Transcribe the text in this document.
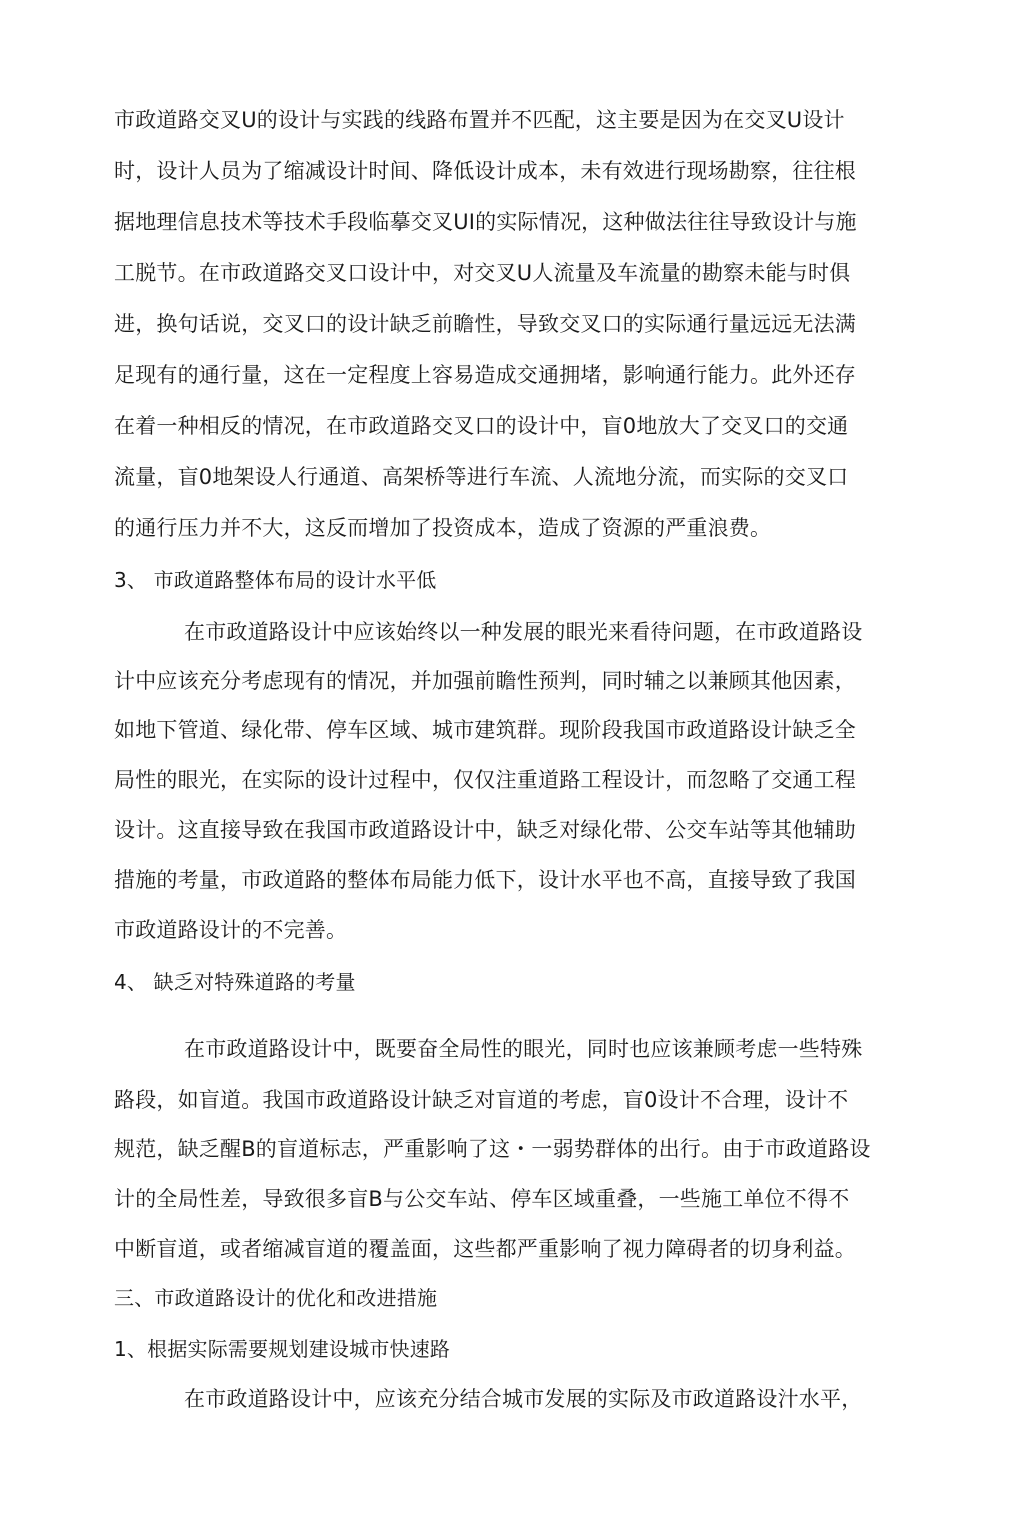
市政道路交叉U的设计与实践的线路布置并不匹配，这主要是因为在交叉U设计
时，设计人员为了缩减设计时间、降低设计成本，未有效进行现场勘察，往往根
据地理信息技术等技术手段临摹交叉UI的实际情况，这种做法往往导致设计与施
工脱节。在市政道路交叉口设计中，对交叉U人流量及车流量的勘察未能与时俱
进，换句话说，交叉口的设计缺乏前瞻性，导致交叉口的实际通行量远远无法满
足现有的通行量，这在一定程度上容易造成交通拥堵，影响通行能力。此外还存
在着一种相反的情况，在市政道路交叉口的设计中，盲0地放大了交叉口的交通
流量，盲0地架设人行通道、高架桥等进行车流、人流地分流，而实际的交叉口
的通行压力并不大，这反而增加了投资成本，造成了资源的严重浪费。
3、 市政道路整体布局的设计水平低
在市政道路设计中应该始终以一种发展的眼光来看待问题，在市政道路设
计中应该充分考虑现有的情况，并加强前瞻性预判，同时辅之以兼顾其他因素，
如地下管道、绿化带、停车区域、城市建筑群。现阶段我国市政道路设计缺乏全
局性的眼光，在实际的设计过程中，仅仅注重道路工程设计，而忽略了交通工程
设计。这直接导致在我国市政道路设计中，缺乏对绿化带、公交车站等其他辅助
措施的考量，市政道路的整体布局能力低下，设计水平也不高，直接导致了我国
市政道路设计的不完善。
4、 缺乏对特殊道路的考量
在市政道路设计中，既要奋全局性的眼光，同时也应该兼顾考虑一些特殊
路段，如盲道。我国市政道路设计缺乏对盲道的考虑，盲0设计不合理，设计不
规范，缺乏醒B的盲道标志，严重影响了这・一弱势群体的出行。由于市政道路设
计的全局性差，导致很多盲B与公交车站、停车区域重叠，一些施工单位不得不
中断盲道，或者缩减盲道的覆盖面，这些都严重影响了视力障碍者的切身利益。
三、市政道路设计的优化和改进措施
1、根据实际需要规划建设城市快速路
在市政道路设计中，应该充分结合城市发展的实际及市政道路设汁水平，
